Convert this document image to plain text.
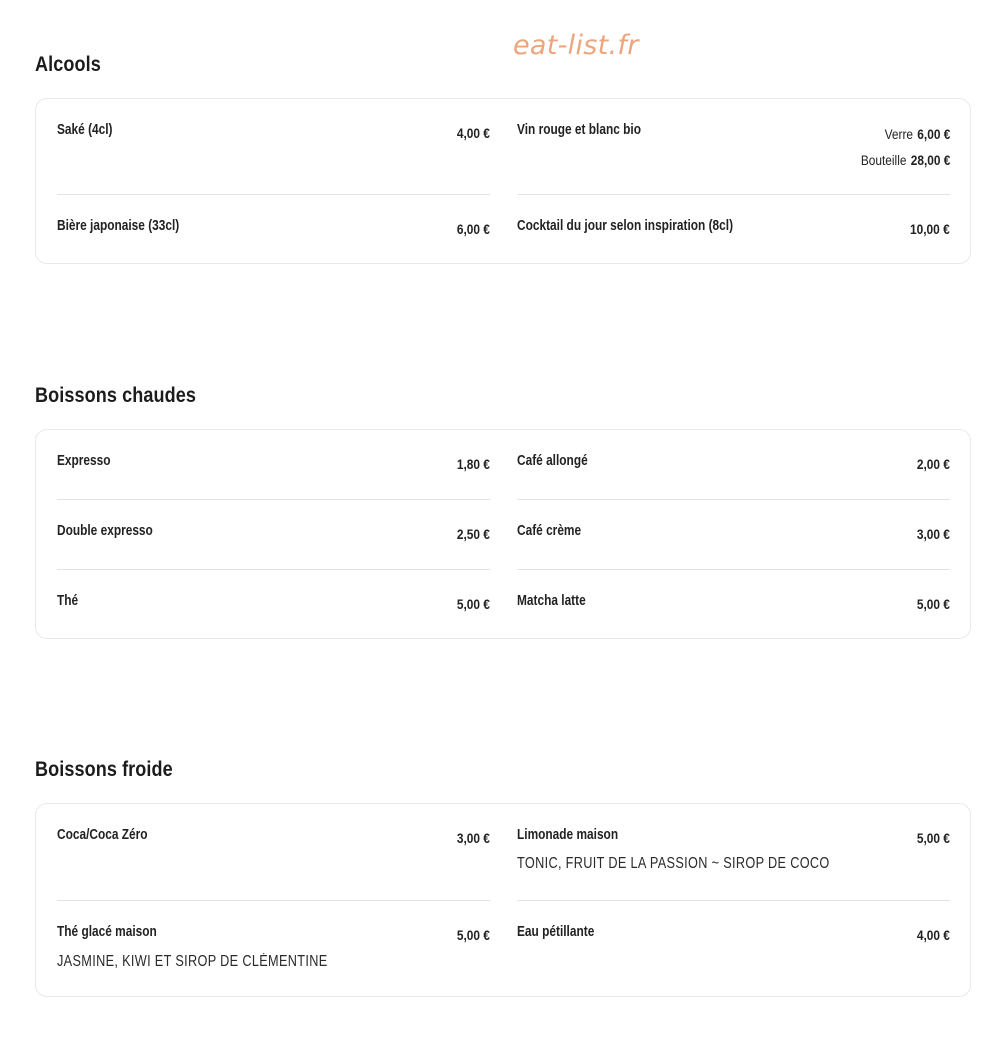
eat-list.fr
Alcools
Saké (4cl)	4,00 €
Bière japonaise (33cl)	6,00 €
Vin rouge et blanc bio	Verre 6,00 €
Bouteille 28,00 €
Cocktail du jour selon inspiration (8cl)	10,00 €
Boissons chaudes
Expresso	1,80 €
Double expresso	2,50 €
Thé	5,00 €
Café allongé	2,00 €
Café crème	3,00 €
Matcha latte	5,00 €
Boissons froide
Coca/Coca Zéro	3,00 €
Thé glacé maison	5,00 €
JASMINE, KIWI ET SIROP DE CLÉMENTINE
Limonade maison	5,00 €
TONIC, FRUIT DE LA PASSION ~ SIROP DE COCO
Eau pétillante	4,00 €
